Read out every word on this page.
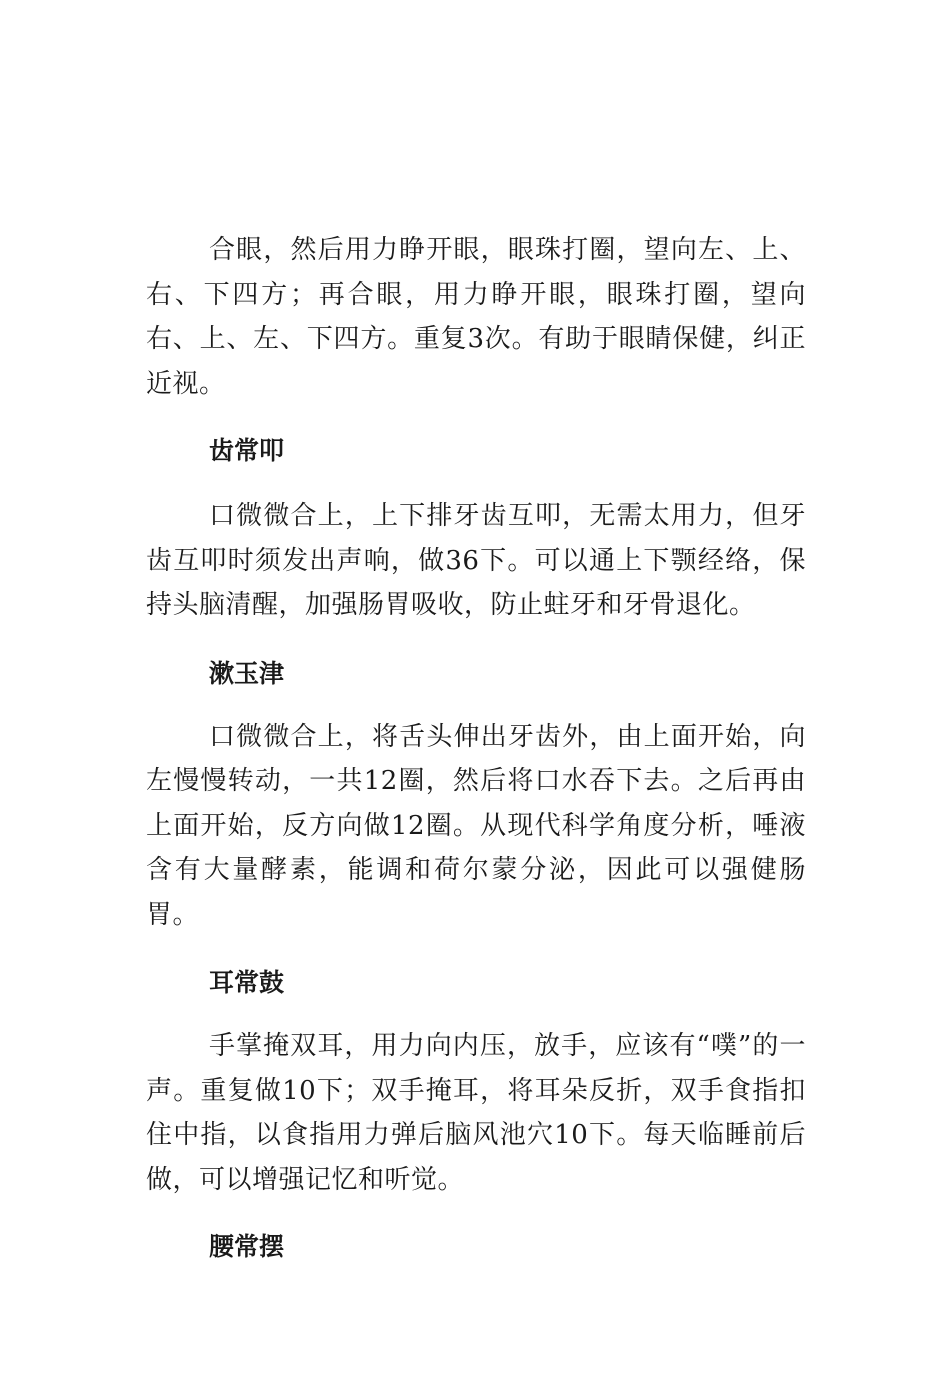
合眼，然后用力睁开眼，眼珠打圈，望向左、上、右、下四方；再合眼，用力睁开眼，眼珠打圈，望向右、上、左、下四方。重复3次。有助于眼睛保健，纠正近视。

齿常叩

口微微合上，上下排牙齿互叩，无需太用力，但牙齿互叩时须发出声响，做36下。可以通上下颚经络，保持头脑清醒，加强肠胃吸收，防止蛀牙和牙骨退化。

漱玉津

口微微合上，将舌头伸出牙齿外，由上面开始，向左慢慢转动，一共12圈，然后将口水吞下去。之后再由上面开始，反方向做12圈。从现代科学角度分析，唾液含有大量酵素，能调和荷尔蒙分泌，因此可以强健肠胃。

耳常鼓

手掌掩双耳，用力向内压，放手，应该有“噗”的一声。重复做10下；双手掩耳，将耳朵反折，双手食指扣住中指，以食指用力弹后脑风池穴10下。每天临睡前后做，可以增强记忆和听觉。

腰常摆
